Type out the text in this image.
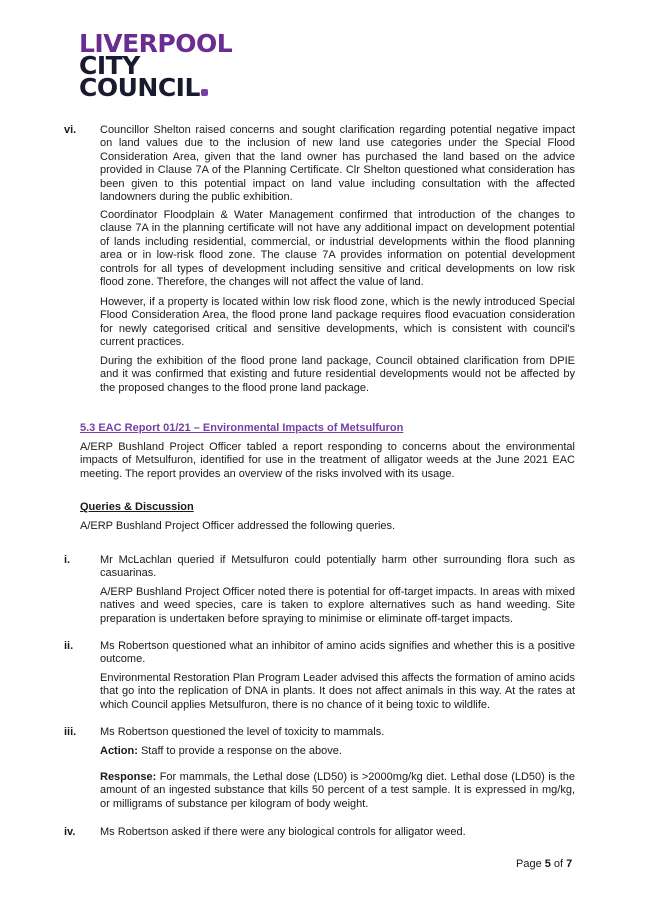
LIVERPOOL
CITY
COUNCIL
vi. Councillor Shelton raised concerns and sought clarification regarding potential negative impact on land values due to the inclusion of new land use categories under the Special Flood Consideration Area, given that the land owner has purchased the land based on the advice provided in Clause 7A of the Planning Certificate. Clr Shelton questioned what consideration has been given to this potential impact on land value including consultation with the affected landowners during the public exhibition.
Coordinator Floodplain & Water Management confirmed that introduction of the changes to clause 7A in the planning certificate will not have any additional impact on development potential of lands including residential, commercial, or industrial developments within the flood planning area or in low-risk flood zone. The clause 7A provides information on potential development controls for all types of development including sensitive and critical developments on low risk flood zone. Therefore, the changes will not affect the value of land.
However, if a property is located within low risk flood zone, which is the newly introduced Special Flood Consideration Area, the flood prone land package requires flood evacuation consideration for newly categorised critical and sensitive developments, which is consistent with council's current practices.
During the exhibition of the flood prone land package, Council obtained clarification from DPIE and it was confirmed that existing and future residential developments would not be affected by the proposed changes to the flood prone land package.
5.3 EAC Report 01/21 – Environmental Impacts of Metsulfuron
A/ERP Bushland Project Officer tabled a report responding to concerns about the environmental impacts of Metsulfuron, identified for use in the treatment of alligator weeds at the June 2021 EAC meeting. The report provides an overview of the risks involved with its usage.
Queries & Discussion
A/ERP Bushland Project Officer addressed the following queries.
i.	Mr McLachlan queried if Metsulfuron could potentially harm other surrounding flora such as casuarinas.
A/ERP Bushland Project Officer noted there is potential for off-target impacts. In areas with mixed natives and weed species, care is taken to explore alternatives such as hand weeding. Site preparation is undertaken before spraying to minimise or eliminate off-target impacts.
ii. Ms Robertson questioned what an inhibitor of amino acids signifies and whether this is a positive outcome.
Environmental Restoration Plan Program Leader advised this affects the formation of amino acids that go into the replication of DNA in plants. It does not affect animals in this way. At the rates at which Council applies Metsulfuron, there is no chance of it being toxic to wildlife.
iii. Ms Robertson questioned the level of toxicity to mammals.
Action: Staff to provide a response on the above.
Response: For mammals, the Lethal dose (LD50) is >2000mg/kg diet. Lethal dose (LD50) is the amount of an ingested substance that kills 50 percent of a test sample. It is expressed in mg/kg, or milligrams of substance per kilogram of body weight.
iv. Ms Robertson asked if there were any biological controls for alligator weed.
Page 5 of 7
